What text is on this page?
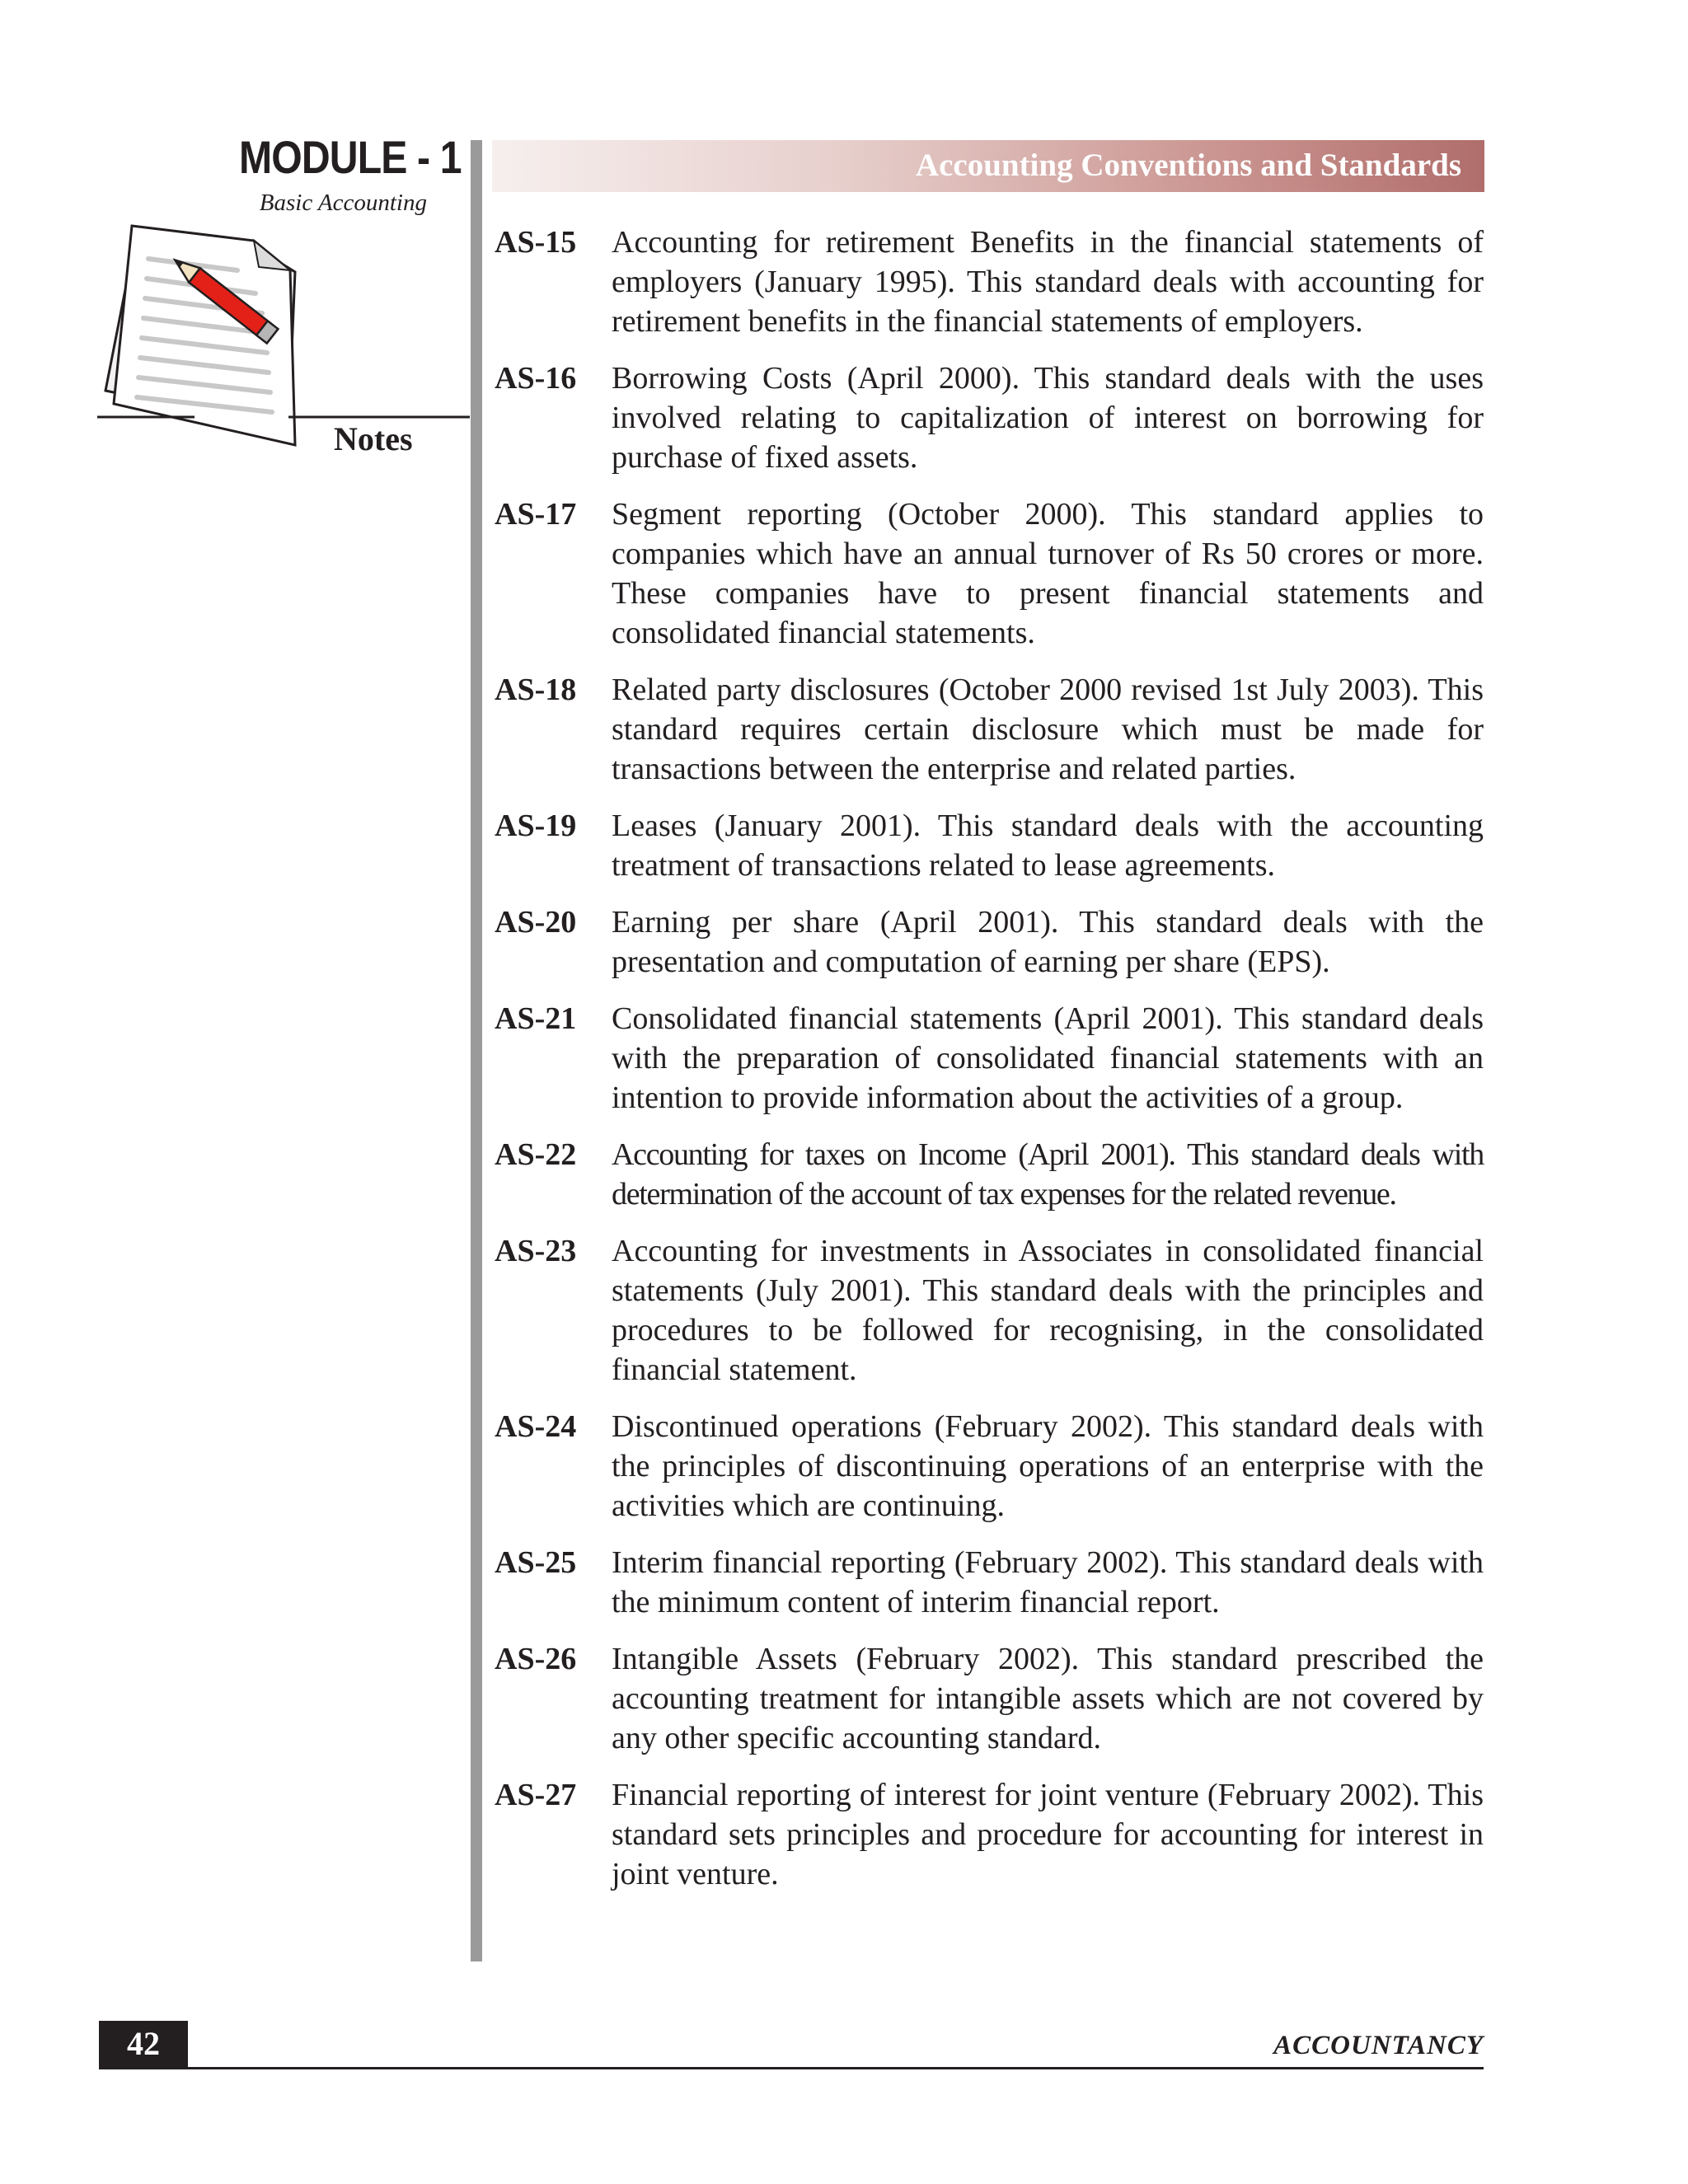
MODULE - 1
Basic Accounting
Notes
Accounting Conventions and Standards
AS-15	Accounting for retirement Benefits in the financial statements of employers (January 1995). This standard deals with accounting for retirement benefits in the financial statements of employers.
AS-16	Borrowing Costs (April 2000). This standard deals with the uses involved relating to capitalization of interest on borrowing for purchase of fixed assets.
AS-17	Segment reporting (October 2000). This standard applies to companies which have an annual turnover of Rs 50 crores or more. These companies have to present financial statements and consolidated financial statements.
AS-18	Related party disclosures (October 2000 revised 1st July 2003). This standard requires certain disclosure which must be made for transactions between the enterprise and related parties.
AS-19	Leases (January 2001). This standard deals with the accounting treatment of transactions related to lease agreements.
AS-20	Earning per share (April 2001). This standard deals with the presentation and computation of earning per share (EPS).
AS-21	Consolidated financial statements (April 2001). This standard deals with the preparation of consolidated financial statements with an intention to provide information about the activities of a group.
AS-22	Accounting for taxes on Income (April 2001). This standard deals with determination of the account of tax expenses for the related revenue.
AS-23	Accounting for investments in Associates in consolidated financial statements (July 2001). This standard deals with the principles and procedures to be followed for recognising, in the consolidated financial statement.
AS-24	Discontinued operations (February 2002). This standard deals with the principles of discontinuing operations of an enterprise with the activities which are continuing.
AS-25	Interim financial reporting (February 2002). This standard deals with the minimum content of interim financial report.
AS-26	Intangible Assets (February 2002). This standard prescribed the accounting treatment for intangible assets which are not covered by any other specific accounting standard.
AS-27	Financial reporting of interest for joint venture (February 2002). This standard sets principles and procedure for accounting for interest in joint venture.
42	ACCOUNTANCY
